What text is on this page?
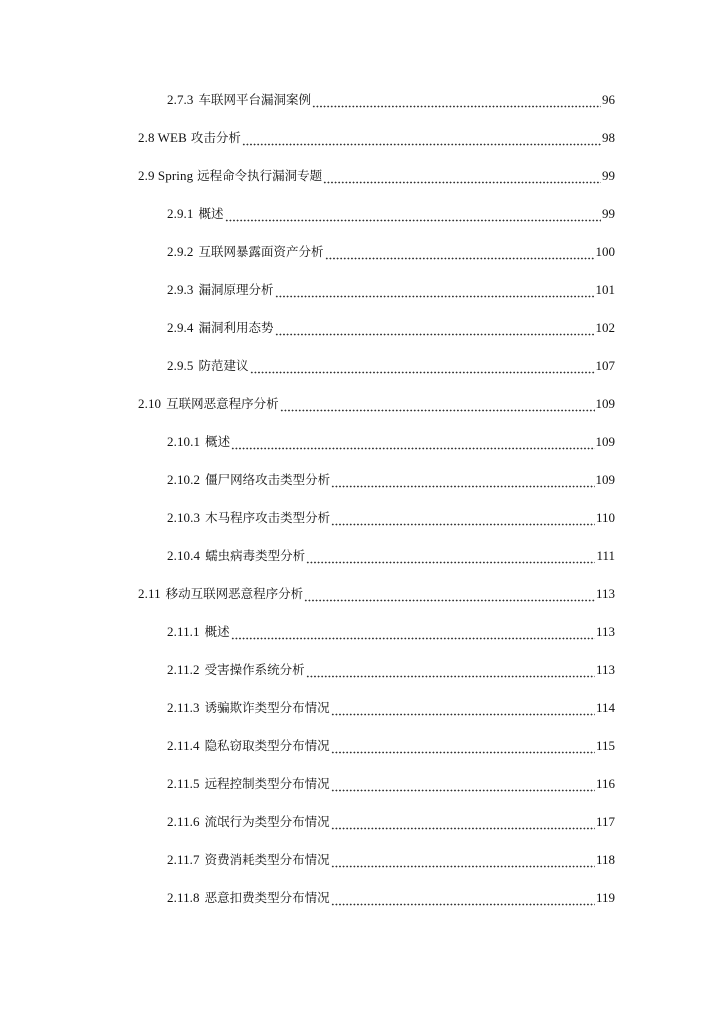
2.7.3 车联网平台漏洞案例	96
2.8 WEB 攻击分析	98
2.9 Spring 远程命令执行漏洞专题	99
2.9.1 概述	99
2.9.2 互联网暴露面资产分析	100
2.9.3 漏洞原理分析	101
2.9.4 漏洞利用态势	102
2.9.5 防范建议	107
2.10 互联网恶意程序分析	109
2.10.1 概述	109
2.10.2 僵尸网络攻击类型分析	109
2.10.3 木马程序攻击类型分析	110
2.10.4 蠕虫病毒类型分析	111
2.11 移动互联网恶意程序分析	113
2.11.1 概述	113
2.11.2 受害操作系统分析	113
2.11.3 诱骗欺诈类型分布情况	114
2.11.4 隐私窃取类型分布情况	115
2.11.5 远程控制类型分布情况	116
2.11.6 流氓行为类型分布情况	117
2.11.7 资费消耗类型分布情况	118
2.11.8 恶意扣费类型分布情况	119
